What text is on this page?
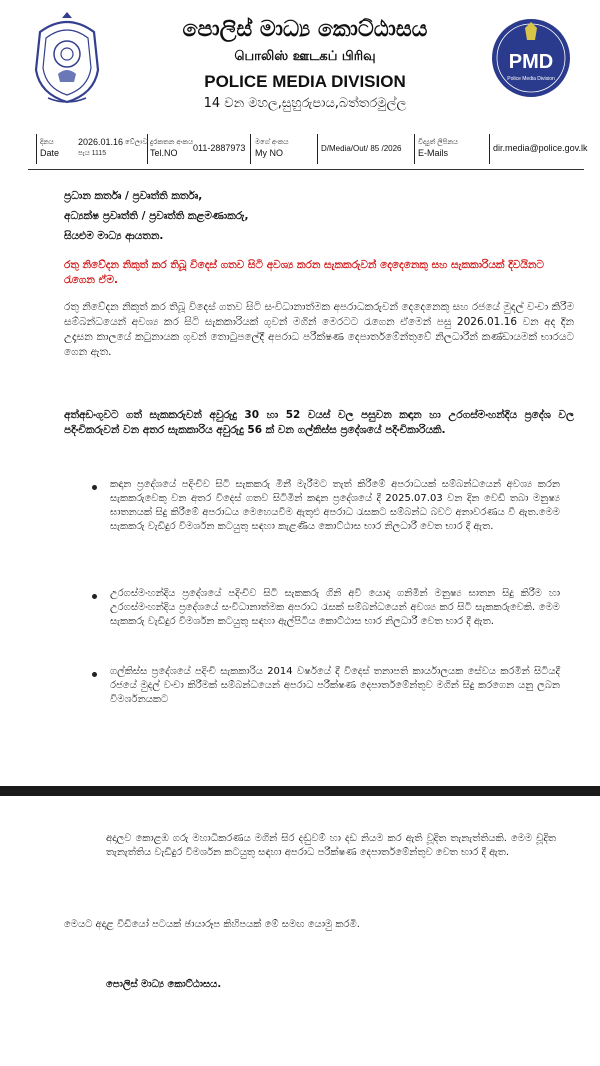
පොලිස් මාධ්‍ය කොට්ඨාසය
பொலிஸ் ஊடகப் பிரிவு
POLICE MEDIA DIVISION
14 වන මහල,සුහුරුපාය,බත්තරමුල්ල
PMD
Police Media Division
දිනය
Date
2026.01.16
පැය 1115
වේලාව දුරකතන අංකය
Tel.NO	011-2887973
මගේ අංකය
My NO	D/Media/Out/ 85 /2026
විද්‍යුත් ලිපිනය
E-Mails	dir.media@police.gov.lk
ප්‍රධාන කර්තෘ / ප්‍රවෘත්ති කර්තෘ,
අධ්‍යක්ෂ ප්‍රවෘත්ති / ප්‍රවෘත්ති කළමණාකරු,
සියළුම මාධ්‍ය ආයතන.
රතු නිවේදන නිකුත් කර තිබූ විදෙස් ගතව සිටි අවශ්‍ය කරන සැකකරුවන් දෙදෙනෙකු සහ සැකකාරියක් දිවයිනට රැගෙන ඒම.
රතු නිවේදන නිකුත් කර තිබූ විදෙස් ගතව සිටි සංවිධානාත්මක අපරාධකරුවන් දෙදෙනෙකු සහ රජයේ මුදල් වංචා කිරීම සම්බන්ධයෙන් අවශ්‍ය කර සිටි සැකකාරියක් ගුවන් මගින් මෙරටට රැගෙන ඒමෙන් පසු 2026.01.16 වන අද දින උදෑසන කාලයේ කටුනායක ගුවන් තොටුපලේදී අපරාධ පරීක්ෂණ දෙපාර්තමේන්තුවේ නිලධාරීන් කණ්ඩායමක් භාරයට ගෙන ඇත.
අත්අඩංගුවට ගත් සැකකරුවන් අවුරුදු 30 හා 52 වයස් වල පසුවන කඳාන හා උරගස්මංහන්දිය ප්‍රදේශ වල පදිංචිකරුවන් වන අතර සැකකාරිය අවුරුදු 56 ක් වන ගල්කිස්ස ප්‍රදේශයේ පදිංචිකාරියකි.
කඳාන ප්‍රදේශයේ පදිංචිව සිටි සැකකරු මිනී මැරීමට තැත් කිරීමේ අපරාධයක් සම්බන්ධයෙන් අවශ්‍ය කරන සැකකරුවෙකු වන අතර විදෙස් ගතව සිටිමින් කඳාන ප්‍රදේශයේ දී 2025.07.03 වන දින වෙඩි තබා මනුෂ්‍ය ඝාතනයක් සිදු කිරීමේ අපරාධය මෙහෙයවීම ඇතුළු අපරාධ රැසකට සම්බන්ධ බවට අනාවරණය වී ඇත.මෙම සැකකරු වැඩිදුර විමර්ශන කටයුතු සඳහා කැළණිය කොට්ඨාස භාර නිලධාරී වෙත භාර දී ඇත.
උරගස්මංහන්දිය ප්‍රදේශයේ පදිංචිව සිටි සැකකරු ගිනි අවි යොදා ගනිමින් මනුෂ්‍ය ඝාතන සිදු කිරීම හා උරගස්මංහන්දිය ප්‍රදේශයේ සංවිධානාත්මක අපරාධ රැසක් සම්බන්ධයෙන් අවශ්‍ය කර සිටි සැකකරුවෙකි. මෙම සැකකරු වැඩිදුර විමර්ශන කටයුතු සඳහා ඇල්පිටිය කොට්ඨාස භාර නිලධාරී වෙත භාර දී ඇත.
ගල්කිස්ස ප්‍රදේශයේ පදිංචි සැකකාරිය 2014 වර්ෂයේ දී විදෙස් තනාපති කාර්යාලයක සේවය කරමින් සිටියදී රජයේ මුදල් වංචා කිරීමක් සම්බන්ධයෙන් අපරාධ පරීක්ෂණ දෙපාර්තමේන්තුව මගින් සිදු කරගෙන යනු ලබන විමර්ශනයකට
අදාලව කොළඹ ගරු මහාධිකරණය මගින් සිර දඬුවම් හා දඩ නියම කර ඇති වූදිත තැනැත්තියකි. මෙම චූදිත තැනැත්තිය වැඩිදුර විමර්ශන කටයුතු සඳහා අපරාධ පරීක්ෂණ දෙපාර්තමේන්තුව වෙත භාර දී ඇත.
මෙයට අදාළ වීඩියෝ පටයක් ඡායාරූප කිහිපයක් මේ සමඟ යොමු කරමි.
පොලිස් මාධ්‍ය කොට්ඨාසය.
